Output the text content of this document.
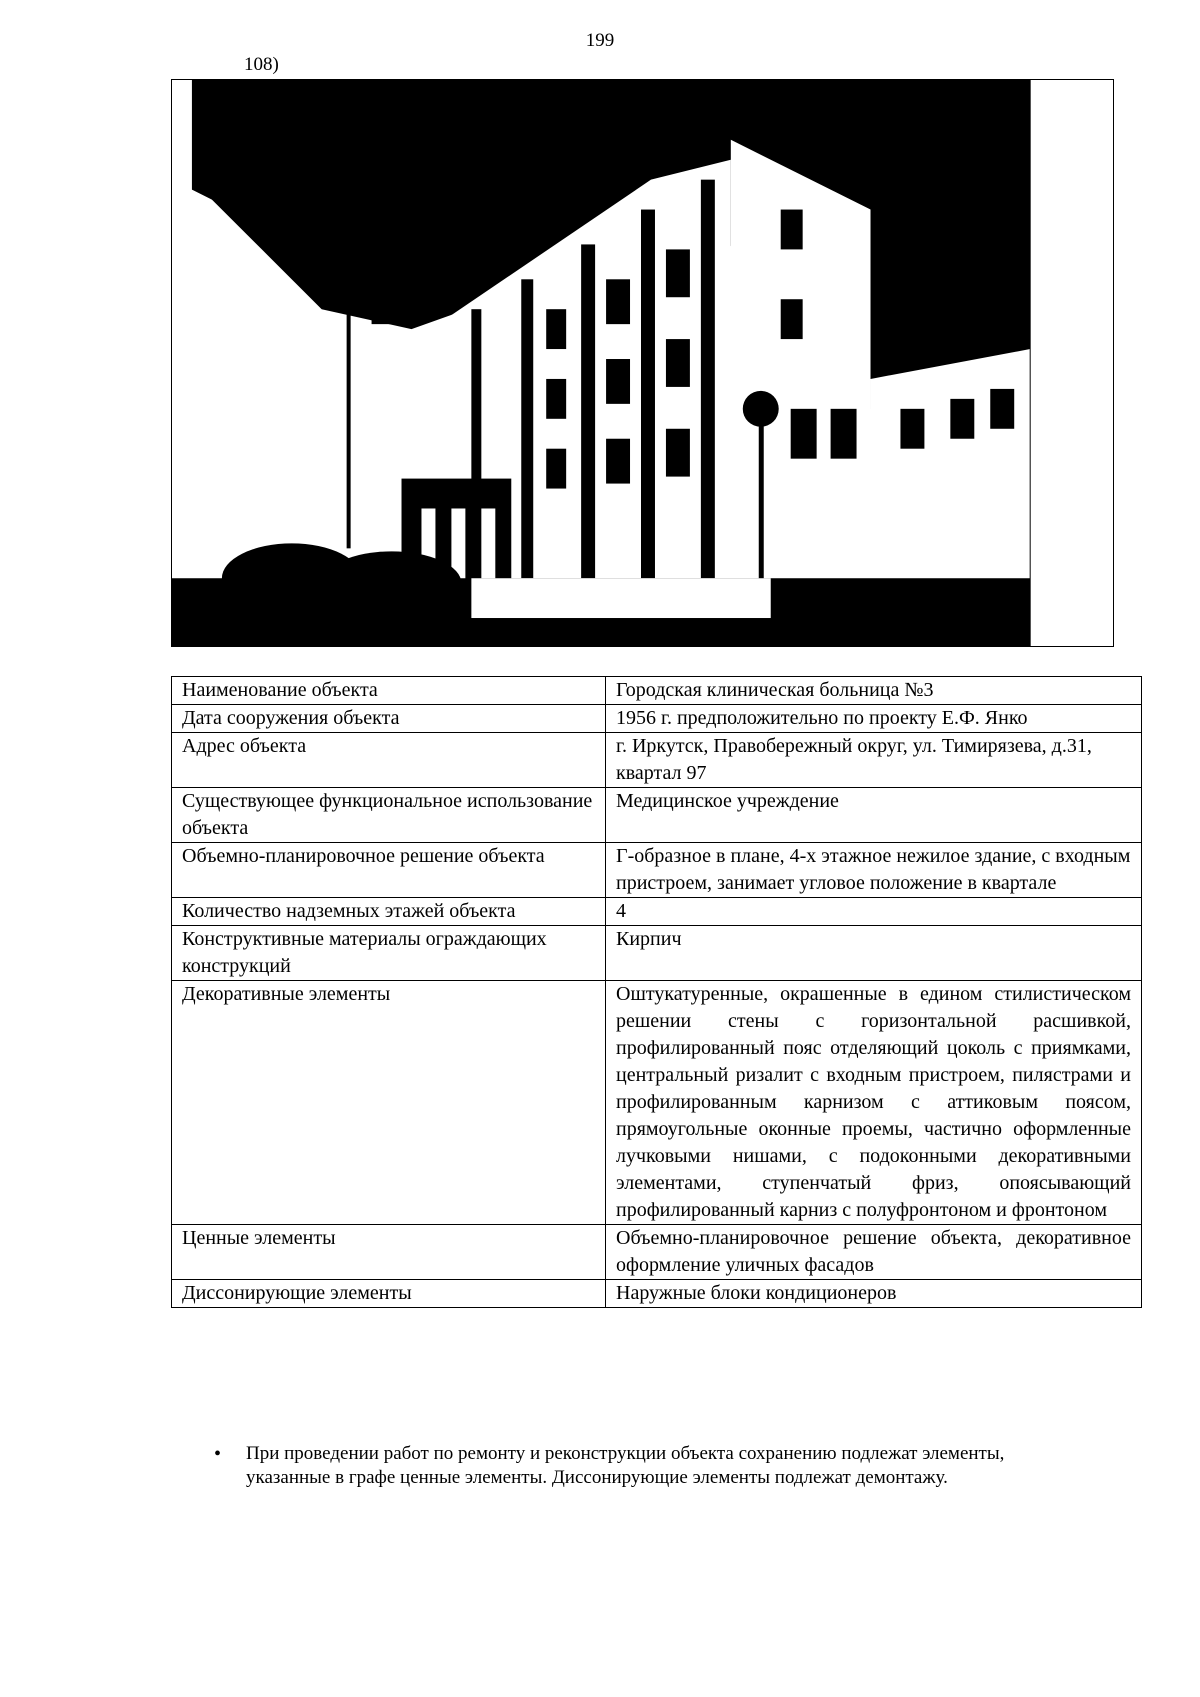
199
108)
Наименование объекта	Городская клиническая больница №3
Дата сооружения объекта	1956 г. предположительно по проекту Е.Ф. Янко
Адрес объекта	г. Иркутск, Правобережный округ, ул. Тимирязева, д.31, квартал 97
Существующее функциональное использование объекта	Медицинское учреждение
Объемно-планировочное решение объекта	Г-образное в плане, 4-х этажное нежилое здание, с входным пристроем, занимает угловое положение в квартале
Количество надземных этажей объекта	4
Конструктивные материалы ограждающих конструкций	Кирпич
Декоративные элементы	Оштукатуренные, окрашенные в едином стилистическом решении стены с горизонтальной расшивкой, профилированный пояс отделяющий цоколь с приямками, центральный ризалит с входным пристроем, пилястрами и профилированным карнизом с аттиковым поясом, прямоугольные оконные проемы, частично оформленные лучковыми нишами, с подоконными декоративными элементами, ступенчатый фриз, опоясывающий профилированный карниз с полуфронтоном и фронтоном
Ценные элементы	Объемно-планировочное решение объекта, декоративное оформление уличных фасадов
Диссонирующие элементы	Наружные блоки кондиционеров
• При проведении работ по ремонту и реконструкции объекта сохранению подлежат элементы, указанные в графе ценные элементы. Диссонирующие элементы подлежат демонтажу.
